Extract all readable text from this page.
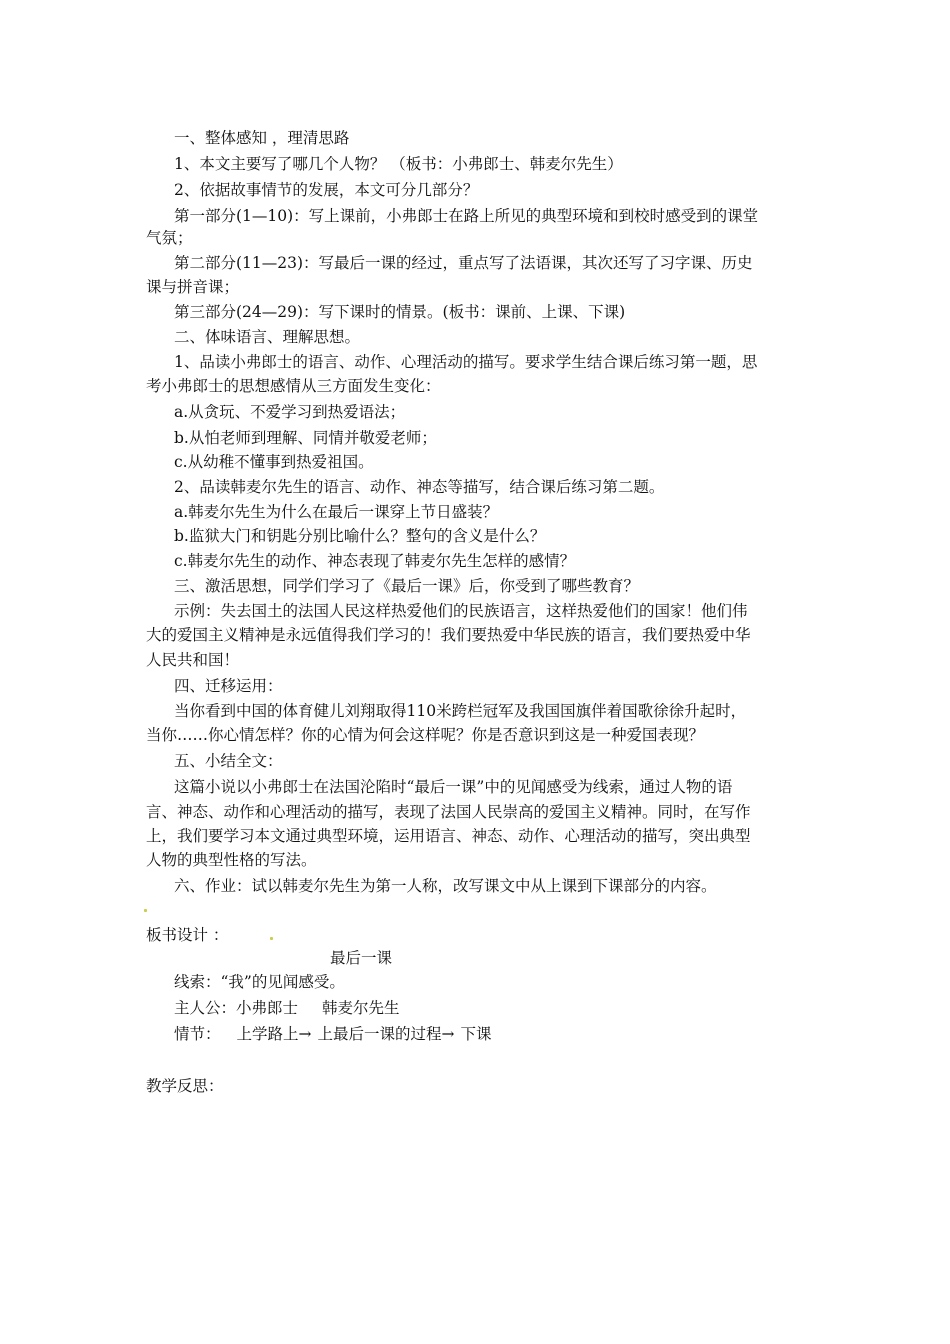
一、整体感知 ，理清思路
1、本文主要写了哪几个人物？ （板书：小弗郎士、韩麦尔先生）
2、依据故事情节的发展，本文可分几部分？
第一部分(1—10)：写上课前，小弗郎士在路上所见的典型环境和到校时感受到的课堂
气氛；
第二部分(11—23)：写最后一课的经过，重点写了法语课，其次还写了习字课、历史
课与拼音课；
第三部分(24—29)：写下课时的情景。(板书：课前、上课、下课)
二、体味语言、理解思想。
1、品读小弗郎士的语言、动作、心理活动的描写。要求学生结合课后练习第一题，思
考小弗郎士的思想感情从三方面发生变化：
a.从贪玩、不爱学习到热爱语法；
b.从怕老师到理解、同情并敬爱老师；
c.从幼稚不懂事到热爱祖国。
2、品读韩麦尔先生的语言、动作、神态等描写，结合课后练习第二题。
a.韩麦尔先生为什么在最后一课穿上节日盛装？
b.监狱大门和钥匙分别比喻什么？整句的含义是什么？
c.韩麦尔先生的动作、神态表现了韩麦尔先生怎样的感情？
三、激活思想，同学们学习了《最后一课》后，你受到了哪些教育？
示例：失去国土的法国人民这样热爱他们的民族语言，这样热爱他们的国家！他们伟
大的爱国主义精神是永远值得我们学习的！我们要热爱中华民族的语言，我们要热爱中华
人民共和国！
四、迁移运用：
当你看到中国的体育健儿刘翔取得110米跨栏冠军及我国国旗伴着国歌徐徐升起时，
当你……你心情怎样？你的心情为何会这样呢？你是否意识到这是一种爱国表现？
五、小结全文：
这篇小说以小弗郎士在法国沦陷时“最后一课”中的见闻感受为线索，通过人物的语
言、神态、动作和心理活动的描写，表现了法国人民崇高的爱国主义精神。同时，在写作
上，我们要学习本文通过典型环境，运用语言、神态、动作、心理活动的描写，突出典型
人物的典型性格的写法。
六、作业：试以韩麦尔先生为第一人称，改写课文中从上课到下课部分的内容。
板书设计 ：
最后一课
线索：“我”的见闻感受。
主人公：小弗郎士 韩麦尔先生
情节： 上学路上→ 上最后一课的过程→ 下课
教学反思：
